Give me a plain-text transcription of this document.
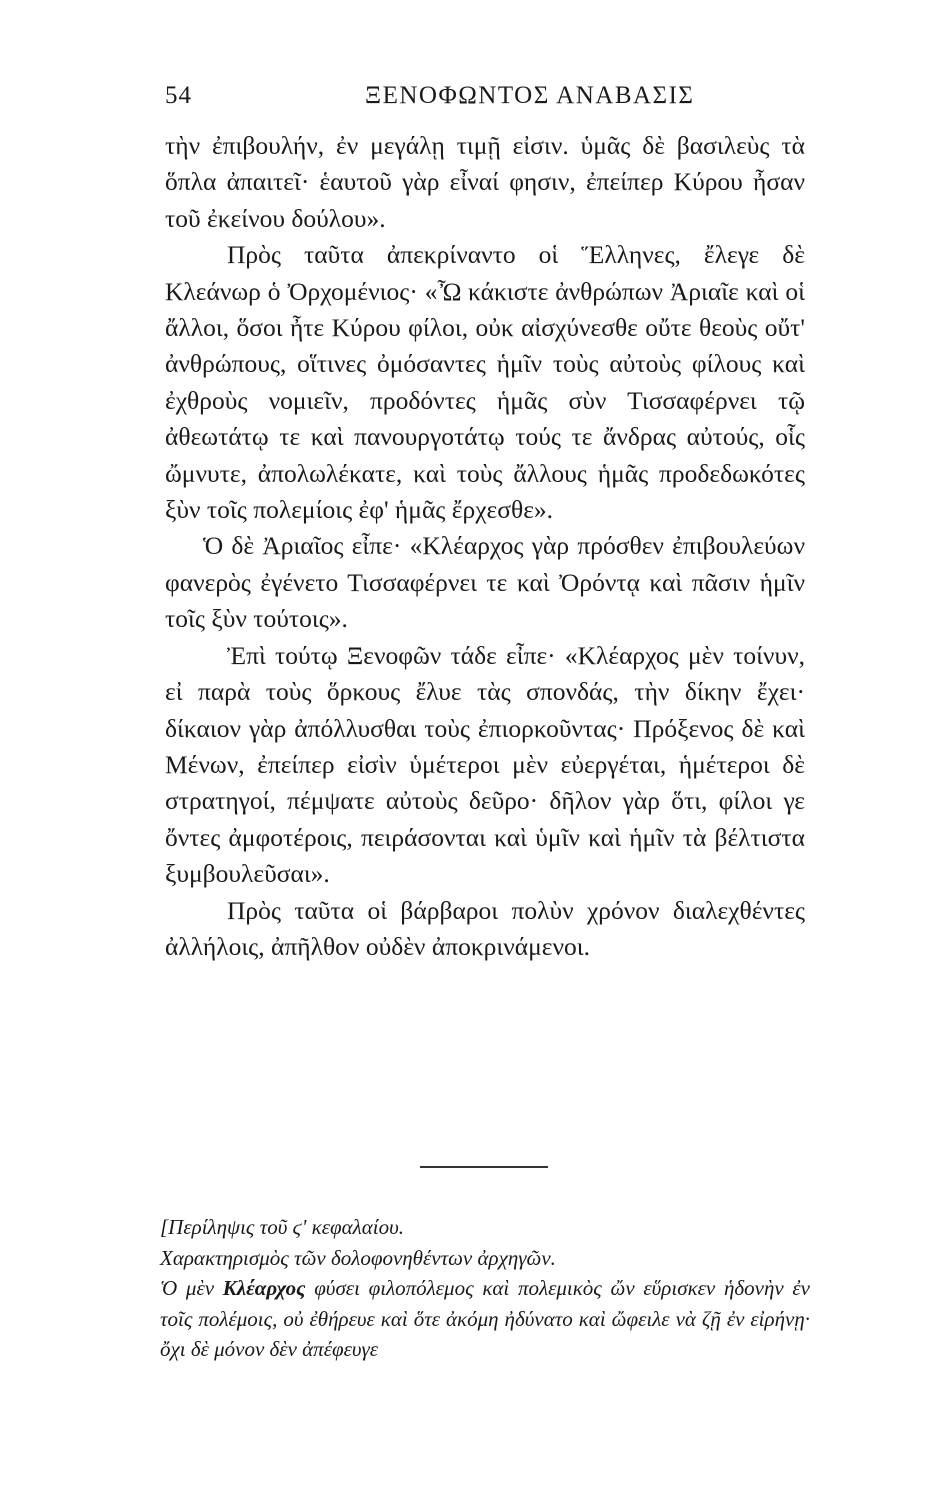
54	ΞΕΝΟΦΩΝΤΟΣ ΑΝΑΒΑΣΙΣ

τὴν ἐπιβουλήν, ἐν μεγάλῃ τιμῇ εἰσιν. ὑμᾶς δὲ βασιλεὺς τὰ ὅπλα ἀπαιτεῖ· ἑαυτοῦ γὰρ εἶναί φησιν, ἐπείπερ Κύρου ἦσαν τοῦ ἐκείνου δούλου».

Πρὸς ταῦτα ἀπεκρίναντο οἱ Ἕλληνες, ἔλεγε δὲ Κλεάνωρ ὁ Ὀρχομένιος· «Ὦ κάκιστε ἀνθρώπων Ἀριαῖε καὶ οἱ ἄλλοι, ὅσοι ἦτε Κύρου φίλοι, οὐκ αἰσχύνεσθε οὔτε θεοὺς οὔτ' ἀνθρώπους, οἵτινες ὀμόσαντες ἡμῖν τοὺς αὐτοὺς φίλους καὶ ἐχθροὺς νομιεῖν, προδόντες ἡμᾶς σὺν Τισσαφέρνει τῷ ἀθεωτάτῳ τε καὶ πανουργοτάτῳ τούς τε ἄνδρας αὐτούς, οἷς ὤμνυτε, ἀπολωλέκατε, καὶ τοὺς ἄλλους ἡμᾶς προδεδωκότες ξὺν τοῖς πολεμίοις ἐφ' ἡμᾶς ἔρχεσθε».

Ὁ δὲ Ἀριαῖος εἶπε· «Κλέαρχος γὰρ πρόσθεν ἐπιβουλεύων φανερὸς ἐγένετο Τισσαφέρνει τε καὶ Ὀρόντᾳ καὶ πᾶσιν ἡμῖν τοῖς ξὺν τούτοις».

Ἐπὶ τούτῳ Ξενοφῶν τάδε εἶπε· «Κλέαρχος μὲν τοίνυν, εἰ παρὰ τοὺς ὅρκους ἔλυε τὰς σπονδάς, τὴν δίκην ἔχει· δίκαιον γὰρ ἀπόλλυσθαι τοὺς ἐπιορκοῦντας· Πρόξενος δὲ καὶ Μένων, ἐπείπερ εἰσὶν ὑμέτεροι μὲν εὐεργέται, ἡμέτεροι δὲ στρατηγοί, πέμψατε αὐτοὺς δεῦρο· δῆλον γὰρ ὅτι, φίλοι γε ὄντες ἀμφοτέροις, πειράσονται καὶ ὑμῖν καὶ ἡμῖν τὰ βέλτιστα ξυμβουλεῦσαι».

Πρὸς ταῦτα οἱ βάρβαροι πολὺν χρόνον διαλεχθέντες ἀλλήλοις, ἀπῆλθον οὐδὲν ἀποκρινάμενοι.

[Περίληψις τοῦ ϛ' κεφαλαίου.

Χαρακτηρισμὸς τῶν δολοφονηθέντων ἀρχηγῶν.

Ὁ μὲν Κλέαρχος φύσει φιλοπόλεμος καὶ πολεμικὸς ὤν εὕρισκεν ἡδονὴν ἐν τοῖς πολέμοις, οὐ ἐθήρευε καὶ ὅτε ἀκόμη ἠδύνατο καὶ ὤφειλε νὰ ζῇ ἐν εἰρήνῃ· ὄχι δὲ μόνον δὲν ἀπέφευγε
